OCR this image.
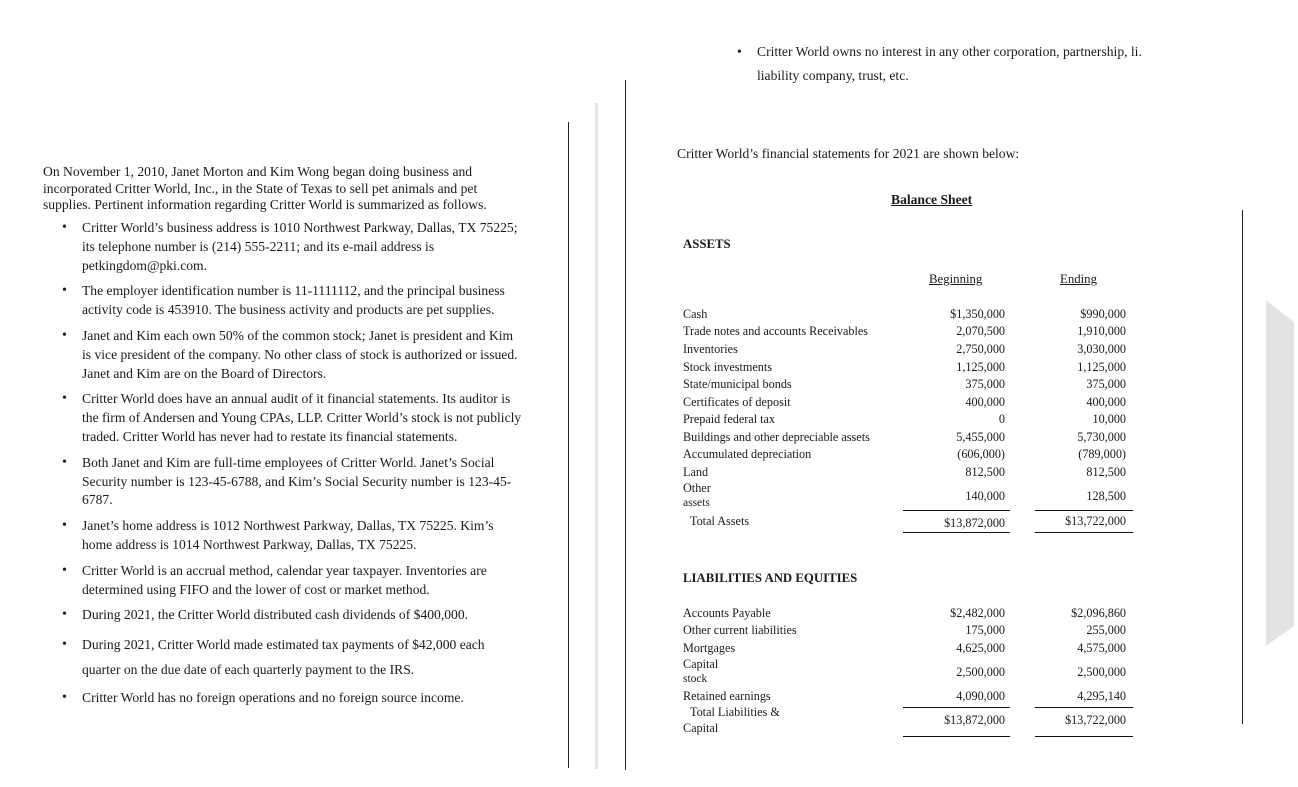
On November 1, 2010, Janet Morton and Kim Wong began doing business and incorporated Critter World, Inc., in the State of Texas to sell pet animals and pet supplies. Pertinent information regarding Critter World is summarized as follows.
• Critter World’s business address is 1010 Northwest Parkway, Dallas, TX 75225; its telephone number is (214) 555-2211; and its e-mail address is petkingdom@pki.com.
• The employer identification number is 11-1111112, and the principal business activity code is 453910. The business activity and products are pet supplies.
• Janet and Kim each own 50% of the common stock; Janet is president and Kim is vice president of the company. No other class of stock is authorized or issued. Janet and Kim are on the Board of Directors.
• Critter World does have an annual audit of it financial statements. Its auditor is the firm of Andersen and Young CPAs, LLP. Critter World’s stock is not publicly traded. Critter World has never had to restate its financial statements.
• Both Janet and Kim are full-time employees of Critter World. Janet’s Social Security number is 123-45-6788, and Kim’s Social Security number is 123-45-6787.
• Janet’s home address is 1012 Northwest Parkway, Dallas, TX 75225. Kim’s home address is 1014 Northwest Parkway, Dallas, TX 75225.
• Critter World is an accrual method, calendar year taxpayer. Inventories are determined using FIFO and the lower of cost or market method.
• During 2021, the Critter World distributed cash dividends of $400,000.
• During 2021, Critter World made estimated tax payments of $42,000 each quarter on the due date of each quarterly payment to the IRS.
• Critter World has no foreign operations and no foreign source income.
• Critter World owns no interest in any other corporation, partnership, li. liability company, trust, etc.
Critter World’s financial statements for 2021 are shown below:
Balance Sheet
ASSETS
Beginning	Ending
Cash	$1,350,000	$990,000
Trade notes and accounts Receivables	2,070,500	1,910,000
Inventories	2,750,000	3,030,000
Stock investments	1,125,000	1,125,000
State/municipal bonds	375,000	375,000
Certificates of deposit	400,000	400,000
Prepaid federal tax	0	10,000
Buildings and other depreciable assets	5,455,000	5,730,000
Accumulated depreciation	(606,000)	(789,000)
Land	812,500	812,500
Other
assets	140,000	128,500
Total Assets	$13,872,000	$13,722,000
LIABILITIES AND EQUITIES
Accounts Payable	$2,482,000	$2,096,860
Other current liabilities	175,000	255,000
Mortgages	4,625,000	4,575,000
Capital
stock	2,500,000	2,500,000
Retained earnings	4,090,000	4,295,140
Total Liabilities &
Capital
$13,872,000	$13,722,000
